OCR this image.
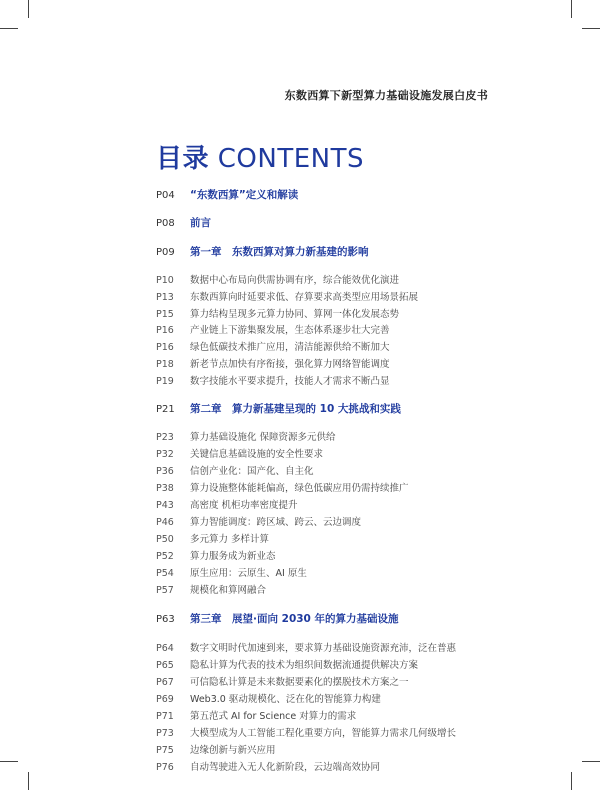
东数西算下新型算力基础设施发展白皮书
目录 CONTENTS
P04 “东数西算”定义和解读
P08 前言
P09 第一章　东数西算对算力新基建的影响
P10 数据中心布局向供需协调有序，综合能效优化演进
P13 东数西算向时延要求低、存算要求高类型应用场景拓展
P15 算力结构呈现多元算力协同、算网一体化发展态势
P16 产业链上下游集聚发展，生态体系逐步壮大完善
P16 绿色低碳技术推广应用，清洁能源供给不断加大
P18 新老节点加快有序衔接，强化算力网络智能调度
P19 数字技能水平要求提升，技能人才需求不断凸显
P21 第二章　算力新基建呈现的 10 大挑战和实践
P23 算力基础设施化 保障资源多元供给
P32 关键信息基础设施的安全性要求
P36 信创产业化：国产化、自主化
P38 算力设施整体能耗偏高，绿色低碳应用仍需持续推广
P43 高密度 机柜功率密度提升
P46 算力智能调度：跨区域、跨云、云边调度
P50 多元算力 多样计算
P52 算力服务成为新业态
P54 原生应用：云原生、AI 原生
P57 规模化和算网融合
P63 第三章　展望·面向 2030 年的算力基础设施
P64 数字文明时代加速到来，要求算力基础设施资源充沛，泛在普惠
P65 隐私计算为代表的技术为组织间数据流通提供解决方案
P67 可信隐私计算是未来数据要素化的摆脱技术方案之一
P69 Web3.0 驱动规模化、泛在化的智能算力构建
P71 第五范式 AI for Science 对算力的需求
P73 大模型成为人工智能工程化重要方向，智能算力需求几何级增长
P75 边缘创新与新兴应用
P76 自动驾驶进入无人化新阶段，云边端高效协同
